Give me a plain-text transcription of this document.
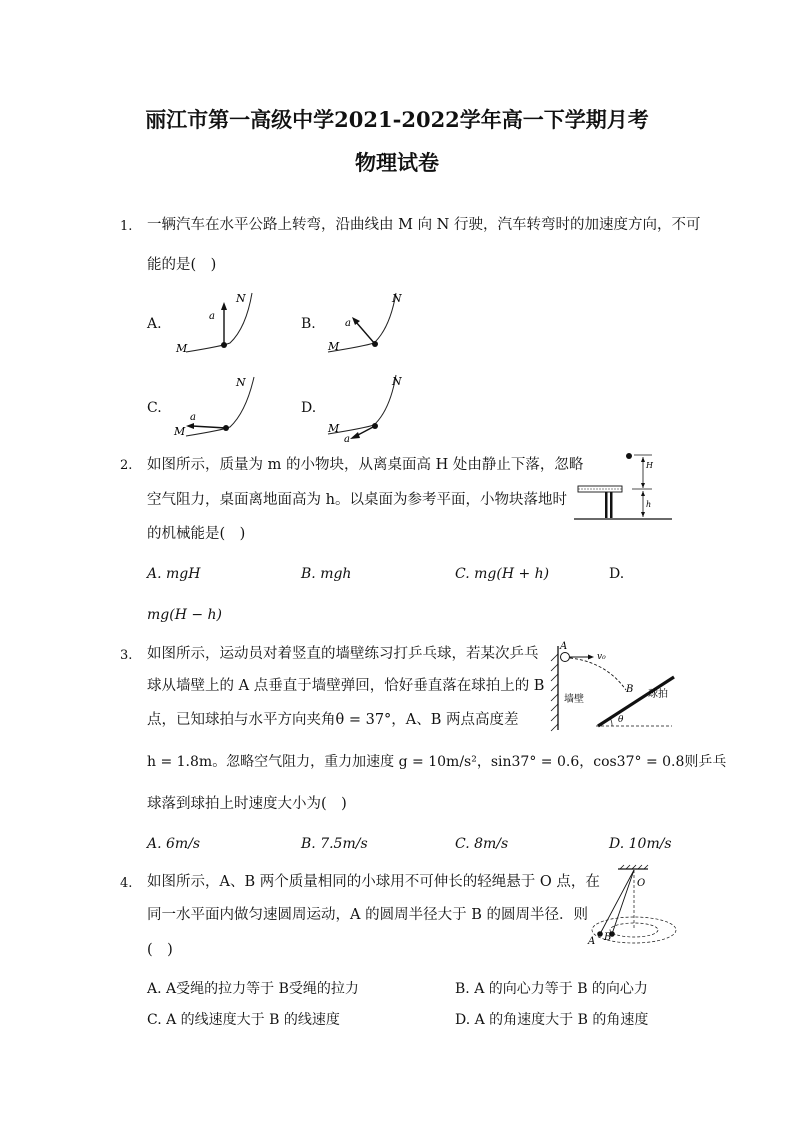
丽江市第一高级中学2021-2022学年高一下学期月考
物理试卷
1. 一辆汽车在水平公路上转弯，沿曲线由 M 向 N 行驶，汽车转弯时的加速度方向，不可
能的是(　)
A.	B.
C.	D.
M
N
a
M
N
a
M
N
a
M
N
a
2. 如图所示，质量为 m 的小物块，从离桌面高 H 处由静止下落，忽略
空气阻力，桌面离地面高为 h。以桌面为参考平面，小物块落地时
的机械能是(　)
A. mgH	B. mgh	C. mg(H + h)	D.
mg(H − h)
H
h
3. 如图所示，运动员对着竖直的墙壁练习打乒乓球，若某次乒乓
球从墙壁上的 A 点垂直于墙壁弹回，恰好垂直落在球拍上的 B
点，已知球拍与水平方向夹角θ = 37°，A、B 两点高度差
h = 1.8m。忽略空气阻力，重力加速度 g = 10m/s²，sin37° = 0.6，cos37° = 0.8则乒乓
球落到球拍上时速度大小为(　)
A. 6m/s	B. 7.5m/s	C. 8m/s	D. 10m/s
A
v₀
B
θ
墙壁	球拍
4. 如图所示，A、B 两个质量相同的小球用不可伸长的轻绳悬于 O 点，在
同一水平面内做匀速圆周运动，A 的圆周半径大于 B 的圆周半径．则
(　)
A. A受绳的拉力等于 B受绳的拉力	B. A 的向心力等于 B 的向心力
C. A 的线速度大于 B 的线速度	D. A 的角速度大于 B 的角速度
O
A B
